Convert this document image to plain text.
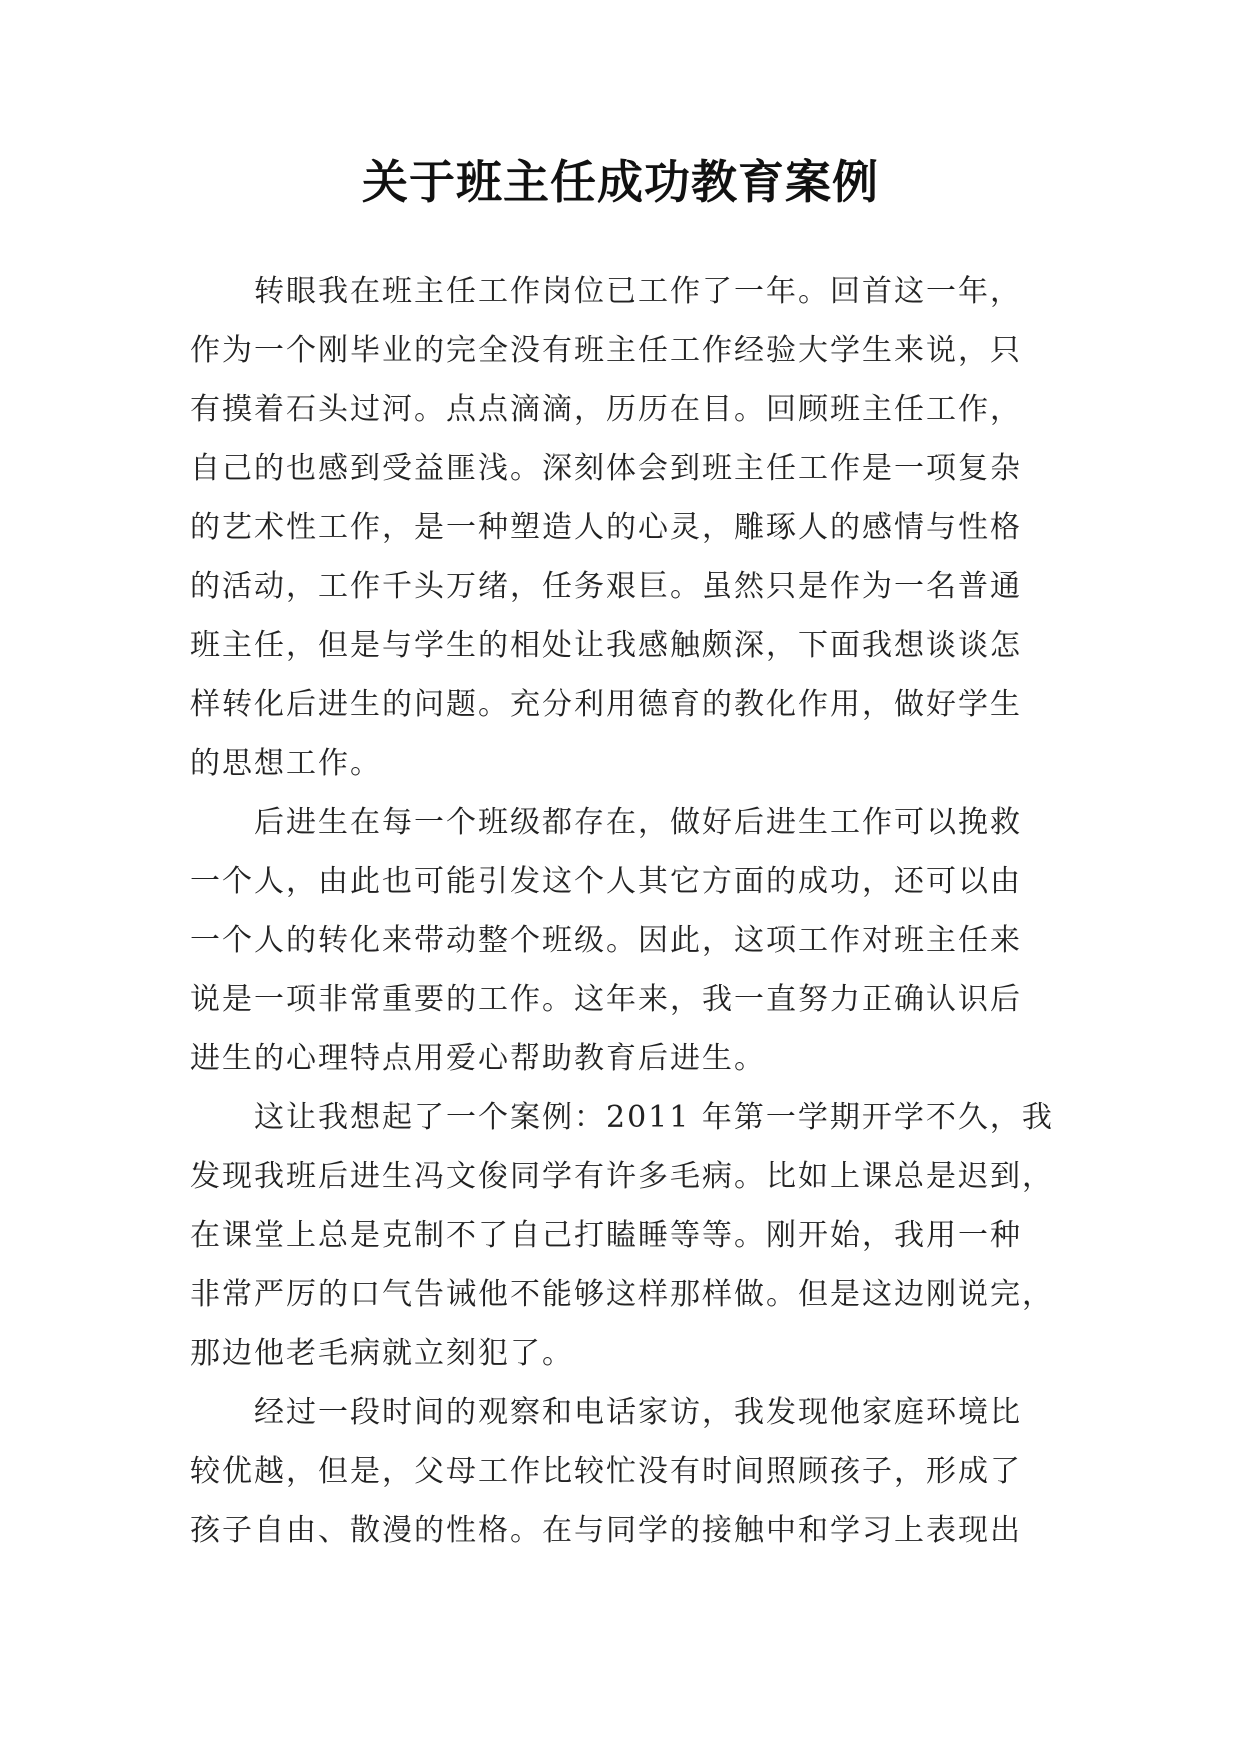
关于班主任成功教育案例

转眼我在班主任工作岗位已工作了一年。回首这一年，
作为一个刚毕业的完全没有班主任工作经验大学生来说，只
有摸着石头过河。点点滴滴，历历在目。回顾班主任工作，
自己的也感到受益匪浅。深刻体会到班主任工作是一项复杂
的艺术性工作，是一种塑造人的心灵，雕琢人的感情与性格
的活动，工作千头万绪，任务艰巨。虽然只是作为一名普通
班主任，但是与学生的相处让我感触颇深，下面我想谈谈怎
样转化后进生的问题。充分利用德育的教化作用，做好学生
的思想工作。

后进生在每一个班级都存在，做好后进生工作可以挽救
一个人，由此也可能引发这个人其它方面的成功，还可以由
一个人的转化来带动整个班级。因此，这项工作对班主任来
说是一项非常重要的工作。这年来，我一直努力正确认识后
进生的心理特点用爱心帮助教育后进生。

这让我想起了一个案例：2011 年第一学期开学不久，我
发现我班后进生冯文俊同学有许多毛病。比如上课总是迟到，
在课堂上总是克制不了自己打瞌睡等等。刚开始，我用一种
非常严厉的口气告诫他不能够这样那样做。但是这边刚说完，
那边他老毛病就立刻犯了。

经过一段时间的观察和电话家访，我发现他家庭环境比
较优越，但是，父母工作比较忙没有时间照顾孩子，形成了
孩子自由、散漫的性格。在与同学的接触中和学习上表现出
